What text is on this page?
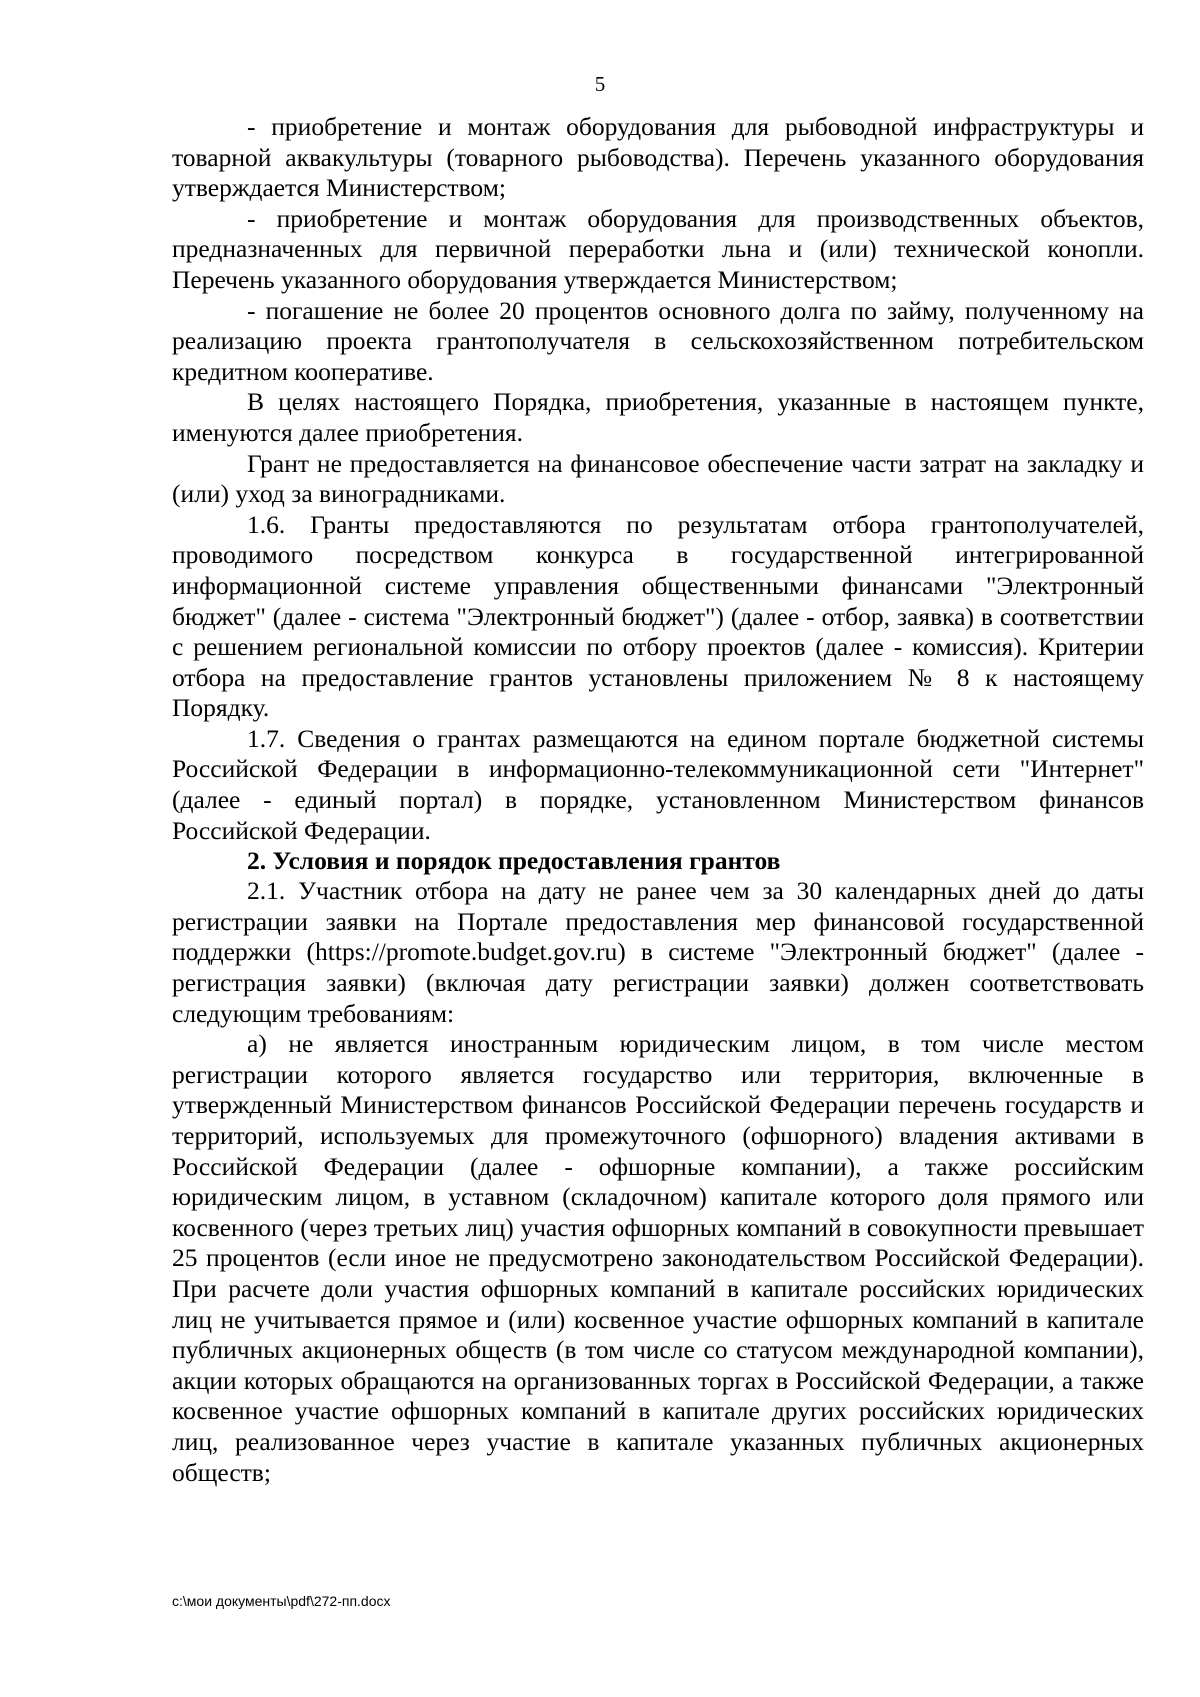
5

- приобретение и монтаж оборудования для рыбоводной инфраструктуры и товарной аквакультуры (товарного рыбоводства). Перечень указанного оборудования утверждается Министерством;

- приобретение и монтаж оборудования для производственных объектов, предназначенных для первичной переработки льна и (или) технической конопли. Перечень указанного оборудования утверждается Министерством;

- погашение не более 20 процентов основного долга по займу, полученному на реализацию проекта грантополучателя в сельскохозяйственном потребительском кредитном кооперативе.

В целях настоящего Порядка, приобретения, указанные в настоящем пункте, именуются далее приобретения.

Грант не предоставляется на финансовое обеспечение части затрат на закладку и (или) уход за виноградниками.

1.6. Гранты предоставляются по результатам отбора грантополучателей, проводимого посредством конкурса в государственной интегрированной информационной системе управления общественными финансами "Электронный бюджет" (далее - система "Электронный бюджет") (далее - отбор, заявка) в соответствии с решением региональной комиссии по отбору проектов (далее - комиссия). Критерии отбора на предоставление грантов установлены приложением № 8 к настоящему Порядку.

1.7. Сведения о грантах размещаются на едином портале бюджетной системы Российской Федерации в информационно-телекоммуникационной сети "Интернет" (далее - единый портал) в порядке, установленном Министерством финансов Российской Федерации.

2. Условия и порядок предоставления грантов

2.1. Участник отбора на дату не ранее чем за 30 календарных дней до даты регистрации заявки на Портале предоставления мер финансовой государственной поддержки (https://promote.budget.gov.ru) в системе "Электронный бюджет" (далее - регистрация заявки) (включая дату регистрации заявки) должен соответствовать следующим требованиям:

а) не является иностранным юридическим лицом, в том числе местом регистрации которого является государство или территория, включенные в утвержденный Министерством финансов Российской Федерации перечень государств и территорий, используемых для промежуточного (офшорного) владения активами в Российской Федерации (далее - офшорные компании), а также российским юридическим лицом, в уставном (складочном) капитале которого доля прямого или косвенного (через третьих лиц) участия офшорных компаний в совокупности превышает 25 процентов (если иное не предусмотрено законодательством Российской Федерации). При расчете доли участия офшорных компаний в капитале российских юридических лиц не учитывается прямое и (или) косвенное участие офшорных компаний в капитале публичных акционерных обществ (в том числе со статусом международной компании), акции которых обращаются на организованных торгах в Российской Федерации, а также косвенное участие офшорных компаний в капитале других российских юридических лиц, реализованное через участие в капитале указанных публичных акционерных обществ;

c:\мои документы\pdf\272-пп.docx
